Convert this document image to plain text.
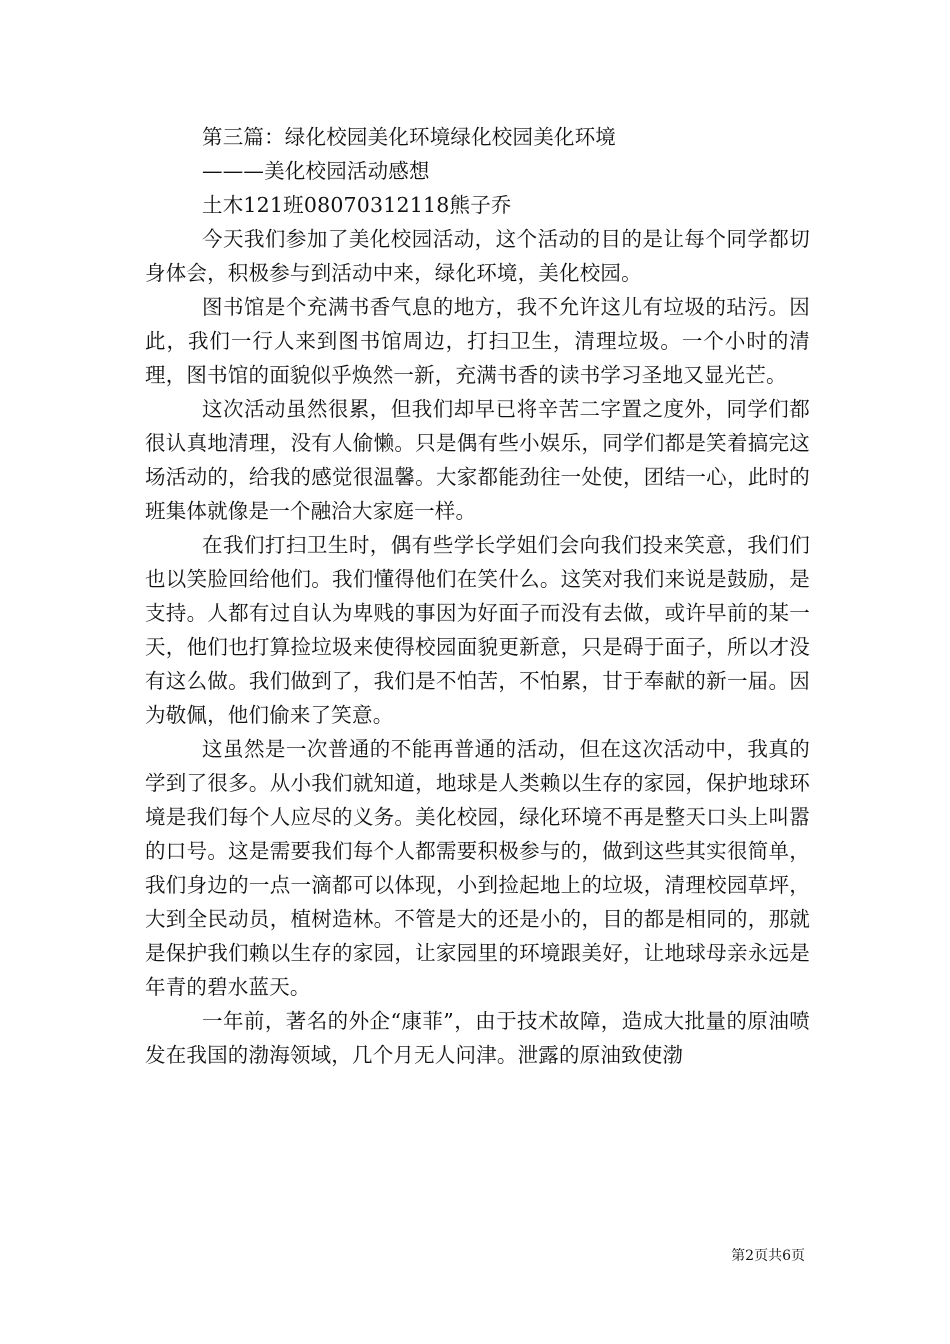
第三篇：绿化校园美化环境绿化校园美化环境
———美化校园活动感想
土木121班08070312118熊子乔

今天我们参加了美化校园活动，这个活动的目的是让每个同学都切身体会，积极参与到活动中来，绿化环境，美化校园。

图书馆是个充满书香气息的地方，我不允许这儿有垃圾的玷污。因此，我们一行人来到图书馆周边，打扫卫生，清理垃圾。一个小时的清理，图书馆的面貌似乎焕然一新，充满书香的读书学习圣地又显光芒。

这次活动虽然很累，但我们却早已将辛苦二字置之度外，同学们都很认真地清理，没有人偷懒。只是偶有些小娱乐，同学们都是笑着搞完这场活动的，给我的感觉很温馨。大家都能劲往一处使，团结一心，此时的班集体就像是一个融洽大家庭一样。

在我们打扫卫生时，偶有些学长学姐们会向我们投来笑意，我们们也以笑脸回给他们。我们懂得他们在笑什么。这笑对我们来说是鼓励，是支持。人都有过自认为卑贱的事因为好面子而没有去做，或许早前的某一天，他们也打算捡垃圾来使得校园面貌更新意，只是碍于面子，所以才没有这么做。我们做到了，我们是不怕苦，不怕累，甘于奉献的新一届。因为敬佩，他们偷来了笑意。

这虽然是一次普通的不能再普通的活动，但在这次活动中，我真的学到了很多。从小我们就知道，地球是人类赖以生存的家园，保护地球环境是我们每个人应尽的义务。美化校园，绿化环境不再是整天口头上叫嚣的口号。这是需要我们每个人都需要积极参与的，做到这些其实很简单，我们身边的一点一滴都可以体现，小到捡起地上的垃圾，清理校园草坪，大到全民动员，植树造林。不管是大的还是小的，目的都是相同的，那就是保护我们赖以生存的家园，让家园里的环境跟美好，让地球母亲永远是年青的碧水蓝天。

一年前，著名的外企“康菲”，由于技术故障，造成大批量的原油喷发在我国的渤海领域，几个月无人问津。泄露的原油致使渤

第2页共6页
